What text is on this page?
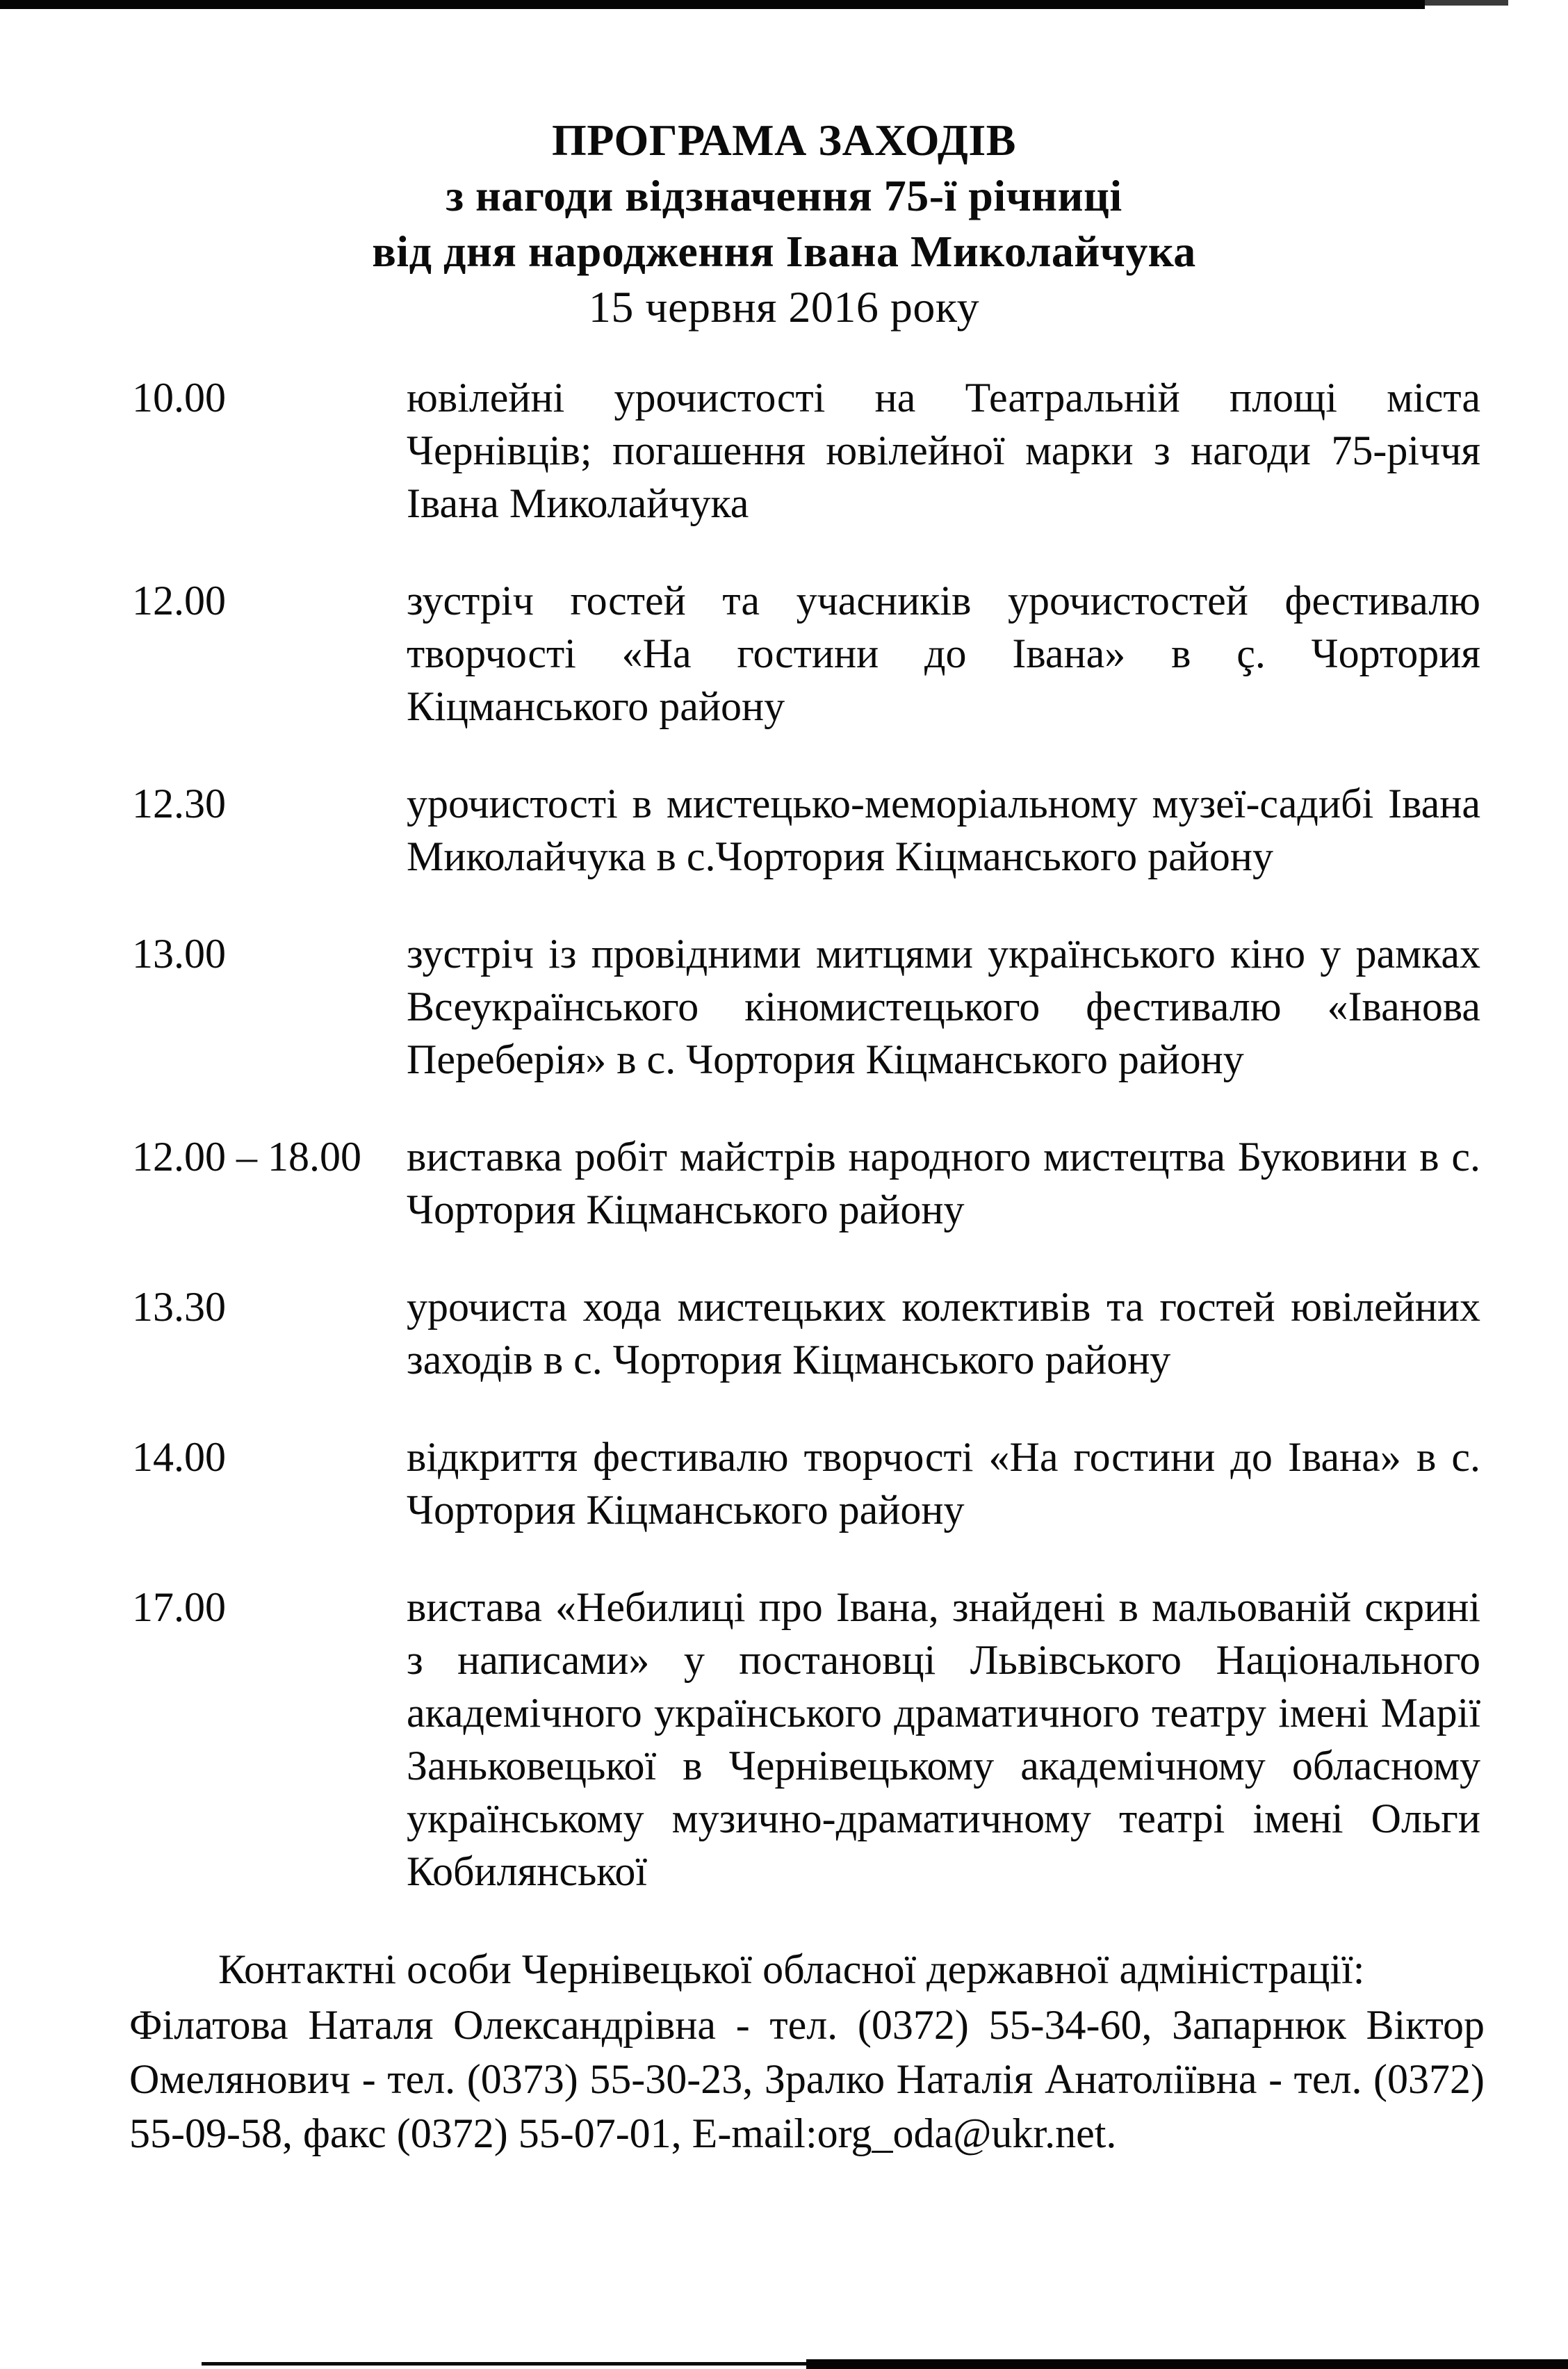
ПРОГРАМА ЗАХОДІВ
з нагоди відзначення 75-ї річниці
від дня народження Івана Миколайчука
15 червня 2016 року
10.00	ювілейні урочистості на Театральній площі міста Чернівців; погашення ювілейної марки з нагоди 75-річчя Івана Миколайчука
12.00	зустріч гостей та учасників урочистостей фестивалю творчості «На гостини до Івана» в ç. Чортория Кіцманського району
12.30	урочистості в мистецько-меморіальному музеї-садибі Івана Миколайчука в с.Чортория Кіцманського району
13.00	зустріч із провідними митцями українського кіно у рамках Всеукраїнського кіномистецького фестивалю «Іванова Переберія» в с. Чортория Кіцманського району
12.00 – 18.00	виставка робіт майстрів народного мистецтва Буковини в с. Чортория Кіцманського району
13.30	урочиста хода мистецьких колективів та гостей ювілейних заходів в с. Чортория Кіцманського району
14.00	відкриття фестивалю творчості «На гостини до Івана» в с. Чортория Кіцманського району
17.00	вистава «Небилиці про Івана, знайдені в мальованій скрині з написами» у постановці Львівського Національного академічного українського драматичного театру імені Марії Заньковецької в Чернівецькому академічному обласному українському музично-драматичному театрі імені Ольги Кобилянської
Контактні особи Чернівецької обласної державної адміністрації:
Філатова Наталя Олександрівна - тел. (0372) 55-34-60, Запарнюк Віктор Омелянович - тел. (0373) 55-30-23, Зралко Наталія Анатоліївна - тел. (0372) 55-09-58, факс (0372) 55-07-01, E-mail:org_oda@ukr.net.
